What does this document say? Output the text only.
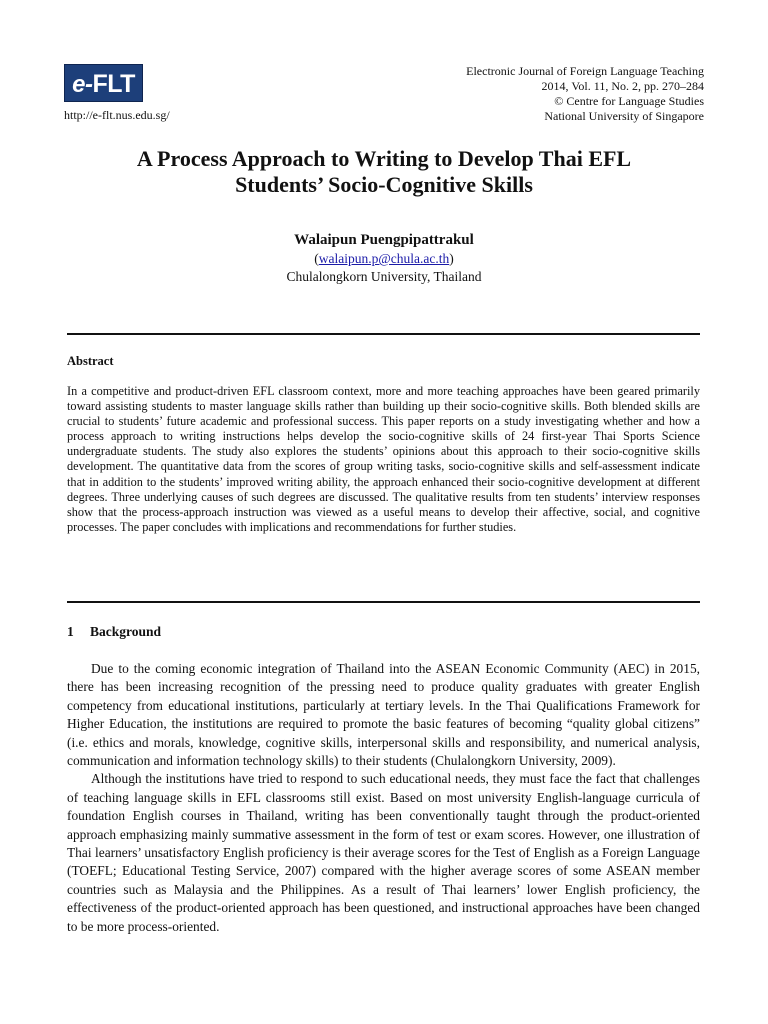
e-FLT
http://e-flt.nus.edu.sg/
Electronic Journal of Foreign Language Teaching
2014, Vol. 11, No. 2, pp. 270–284
© Centre for Language Studies
National University of Singapore
A Process Approach to Writing to Develop Thai EFL
Students’ Socio-Cognitive Skills
Walaipun Puengpipattrakul
(walaipun.p@chula.ac.th)
Chulalongkorn University, Thailand
Abstract
In a competitive and product-driven EFL classroom context, more and more teaching approaches have been geared primarily toward assisting students to master language skills rather than building up their socio-cognitive skills. Both blended skills are crucial to students’ future academic and professional success. This paper reports on a study investigating whether and how a process approach to writing instructions helps develop the socio-cognitive skills of 24 first-year Thai Sports Science undergraduate students. The study also explores the students’ opinions about this approach to their socio-cognitive skills development. The quantitative data from the scores of group writing tasks, socio-cognitive skills and self-assessment indicate that in addition to the students’ improved writing ability, the approach enhanced their socio-cognitive development at different degrees. Three underlying causes of such degrees are discussed. The qualitative results from ten students’ interview responses show that the process-approach instruction was viewed as a useful means to develop their affective, social, and cognitive processes. The paper concludes with implications and recommendations for further studies.
1 Background

Due to the coming economic integration of Thailand into the ASEAN Economic Community (AEC) in 2015, there has been increasing recognition of the pressing need to produce quality graduates with greater English competency from educational institutions, particularly at tertiary levels. In the Thai Qualifications Framework for Higher Education, the institutions are required to promote the basic features of becoming “quality global citizens” (i.e. ethics and morals, knowledge, cognitive skills, interpersonal skills and responsibility, and numerical analysis, communication and information technology skills) to their students (Chulalongkorn University, 2009).

Although the institutions have tried to respond to such educational needs, they must face the fact that challenges of teaching language skills in EFL classrooms still exist. Based on most university English-language curricula of foundation English courses in Thailand, writing has been conventionally taught through the product-oriented approach emphasizing mainly summative assessment in the form of test or exam scores. However, one illustration of Thai learners’ unsatisfactory English proficiency is their average scores for the Test of English as a Foreign Language (TOEFL; Educational Testing Service, 2007) compared with the higher average scores of some ASEAN member countries such as Malaysia and the Philippines. As a result of Thai learners’ lower English proficiency, the effectiveness of the product-oriented approach has been questioned, and instructional approaches have been changed to be more process-oriented.
